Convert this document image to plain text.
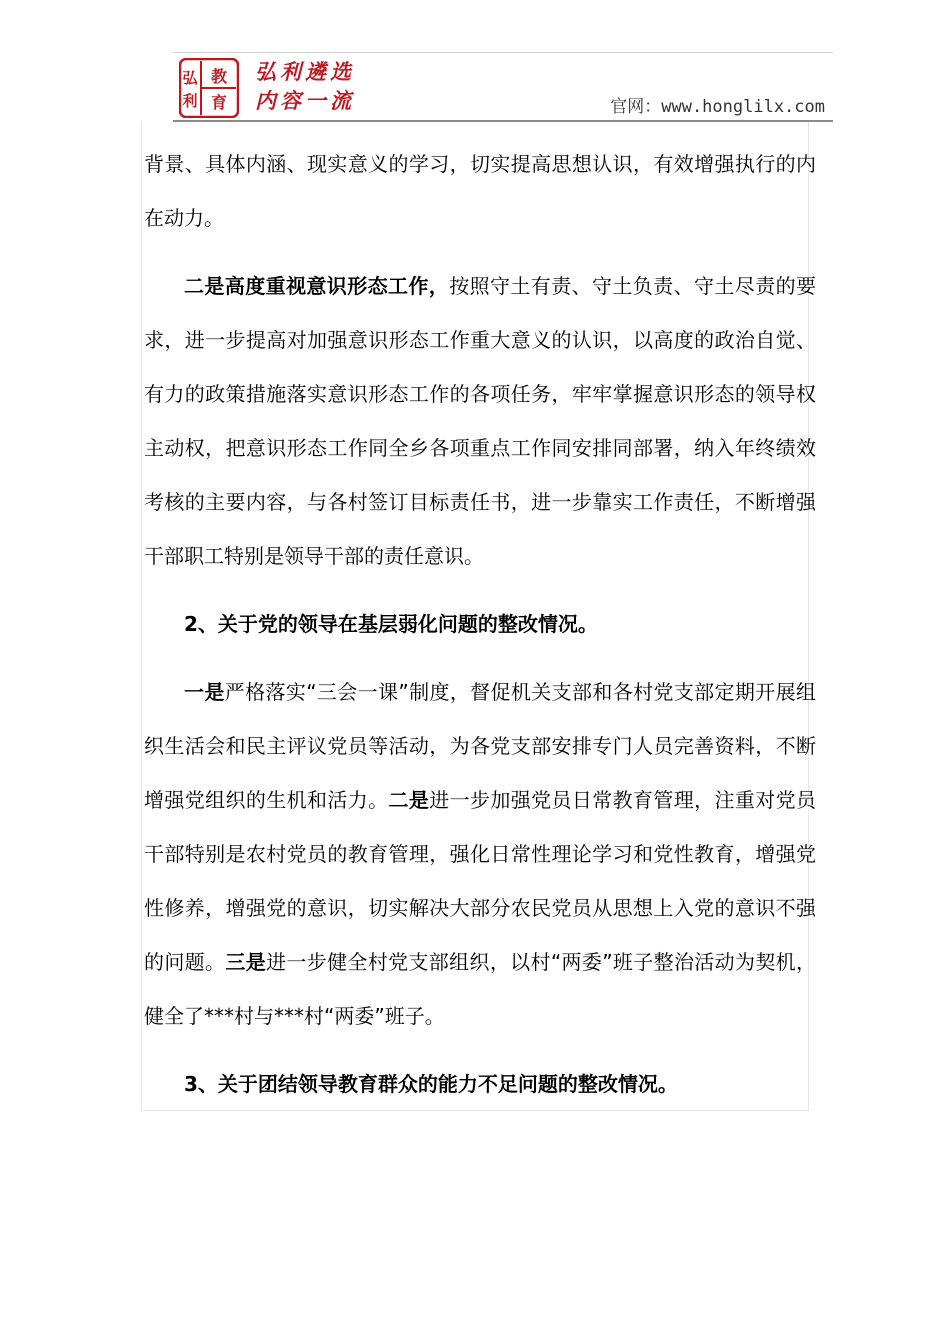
弘
利
教
育
弘利遴选
内容一流	官网：www.honglilx.com

背景、具体内涵、现实意义的学习，切实提高思想认识，有效增强执行的内在动力。

二是高度重视意识形态工作，按照守土有责、守土负责、守土尽责的要求，进一步提高对加强意识形态工作重大意义的认识，以高度的政治自觉、有力的政策措施落实意识形态工作的各项任务，牢牢掌握意识形态的领导权主动权，把意识形态工作同全乡各项重点工作同安排同部署，纳入年终绩效考核的主要内容，与各村签订目标责任书，进一步靠实工作责任，不断增强干部职工特别是领导干部的责任意识。

2、关于党的领导在基层弱化问题的整改情况。

一是严格落实“三会一课”制度，督促机关支部和各村党支部定期开展组织生活会和民主评议党员等活动，为各党支部安排专门人员完善资料，不断增强党组织的生机和活力。二是进一步加强党员日常教育管理，注重对党员干部特别是农村党员的教育管理，强化日常性理论学习和党性教育，增强党性修养，增强党的意识，切实解决大部分农民党员从思想上入党的意识不强的问题。三是进一步健全村党支部组织，以村“两委”班子整治活动为契机，健全了***村与***村“两委”班子。

3、关于团结领导教育群众的能力不足问题的整改情况。
